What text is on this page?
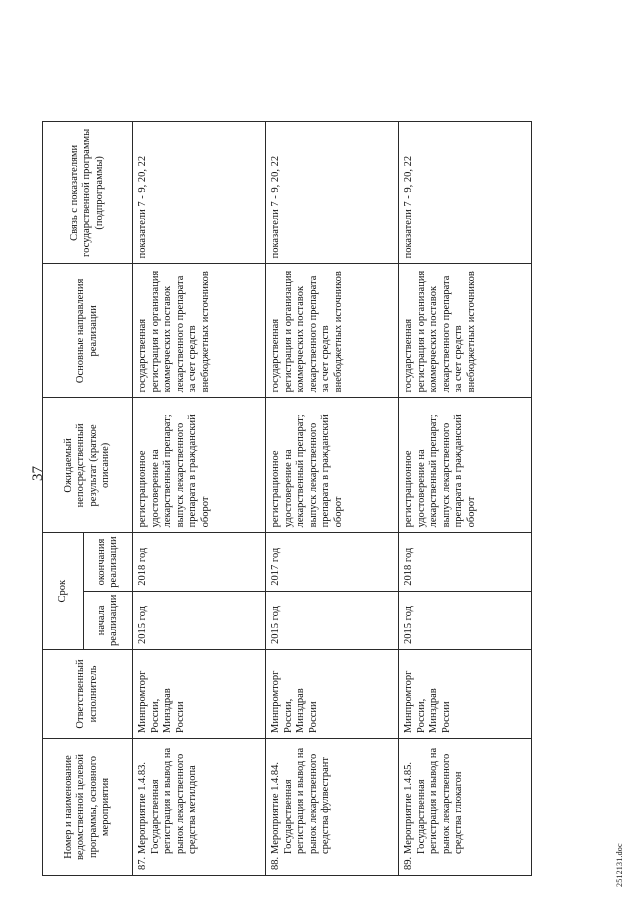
37
Номер и наименование ведомственной целевой программы, основного мероприятия	Ответственный исполнитель	Срок		Ожидаемый непосредственный результат (краткое описание)	Основные направления реализации	Связь с показателями государственной программы (подпрограммы)
		начала реализации	окончания реализации			
87.Мероприятие 1.4.83. Государственная регистрация и вывод на рынок лекарственного средства метилдопа	Минпромторг России, Минздрав России	2015 год	2018 год	регистрационное удостоверение на лекарственный препарат; выпуск лекарственного препарата в гражданский оборот	государственная регистрация и организация коммерческих поставок лекарственного препарата за счет средств внебюджетных источников	показатели 7 - 9, 20, 22
88.Мероприятие 1.4.84. Государственная регистрация и вывод на рынок лекарственного средства фулвестрант	Минпромторг России, Минздрав России	2015 год	2017 год	регистрационное удостоверение на лекарственный препарат; выпуск лекарственного препарата в гражданский оборот	государственная регистрация и организация коммерческих поставок лекарственного препарата за счет средств внебюджетных источников	показатели 7 - 9, 20, 22
89.Мероприятие 1.4.85. Государственная регистрация и вывод на рынок лекарственного средства глюкагон	Минпромторг России, Минздрав России	2015 год	2018 год	регистрационное удостоверение на лекарственный препарат; выпуск лекарственного препарата в гражданский оборот	государственная регистрация и организация коммерческих поставок лекарственного препарата за счет средств внебюджетных источников	показатели 7 - 9, 20, 22
2512131.doc
